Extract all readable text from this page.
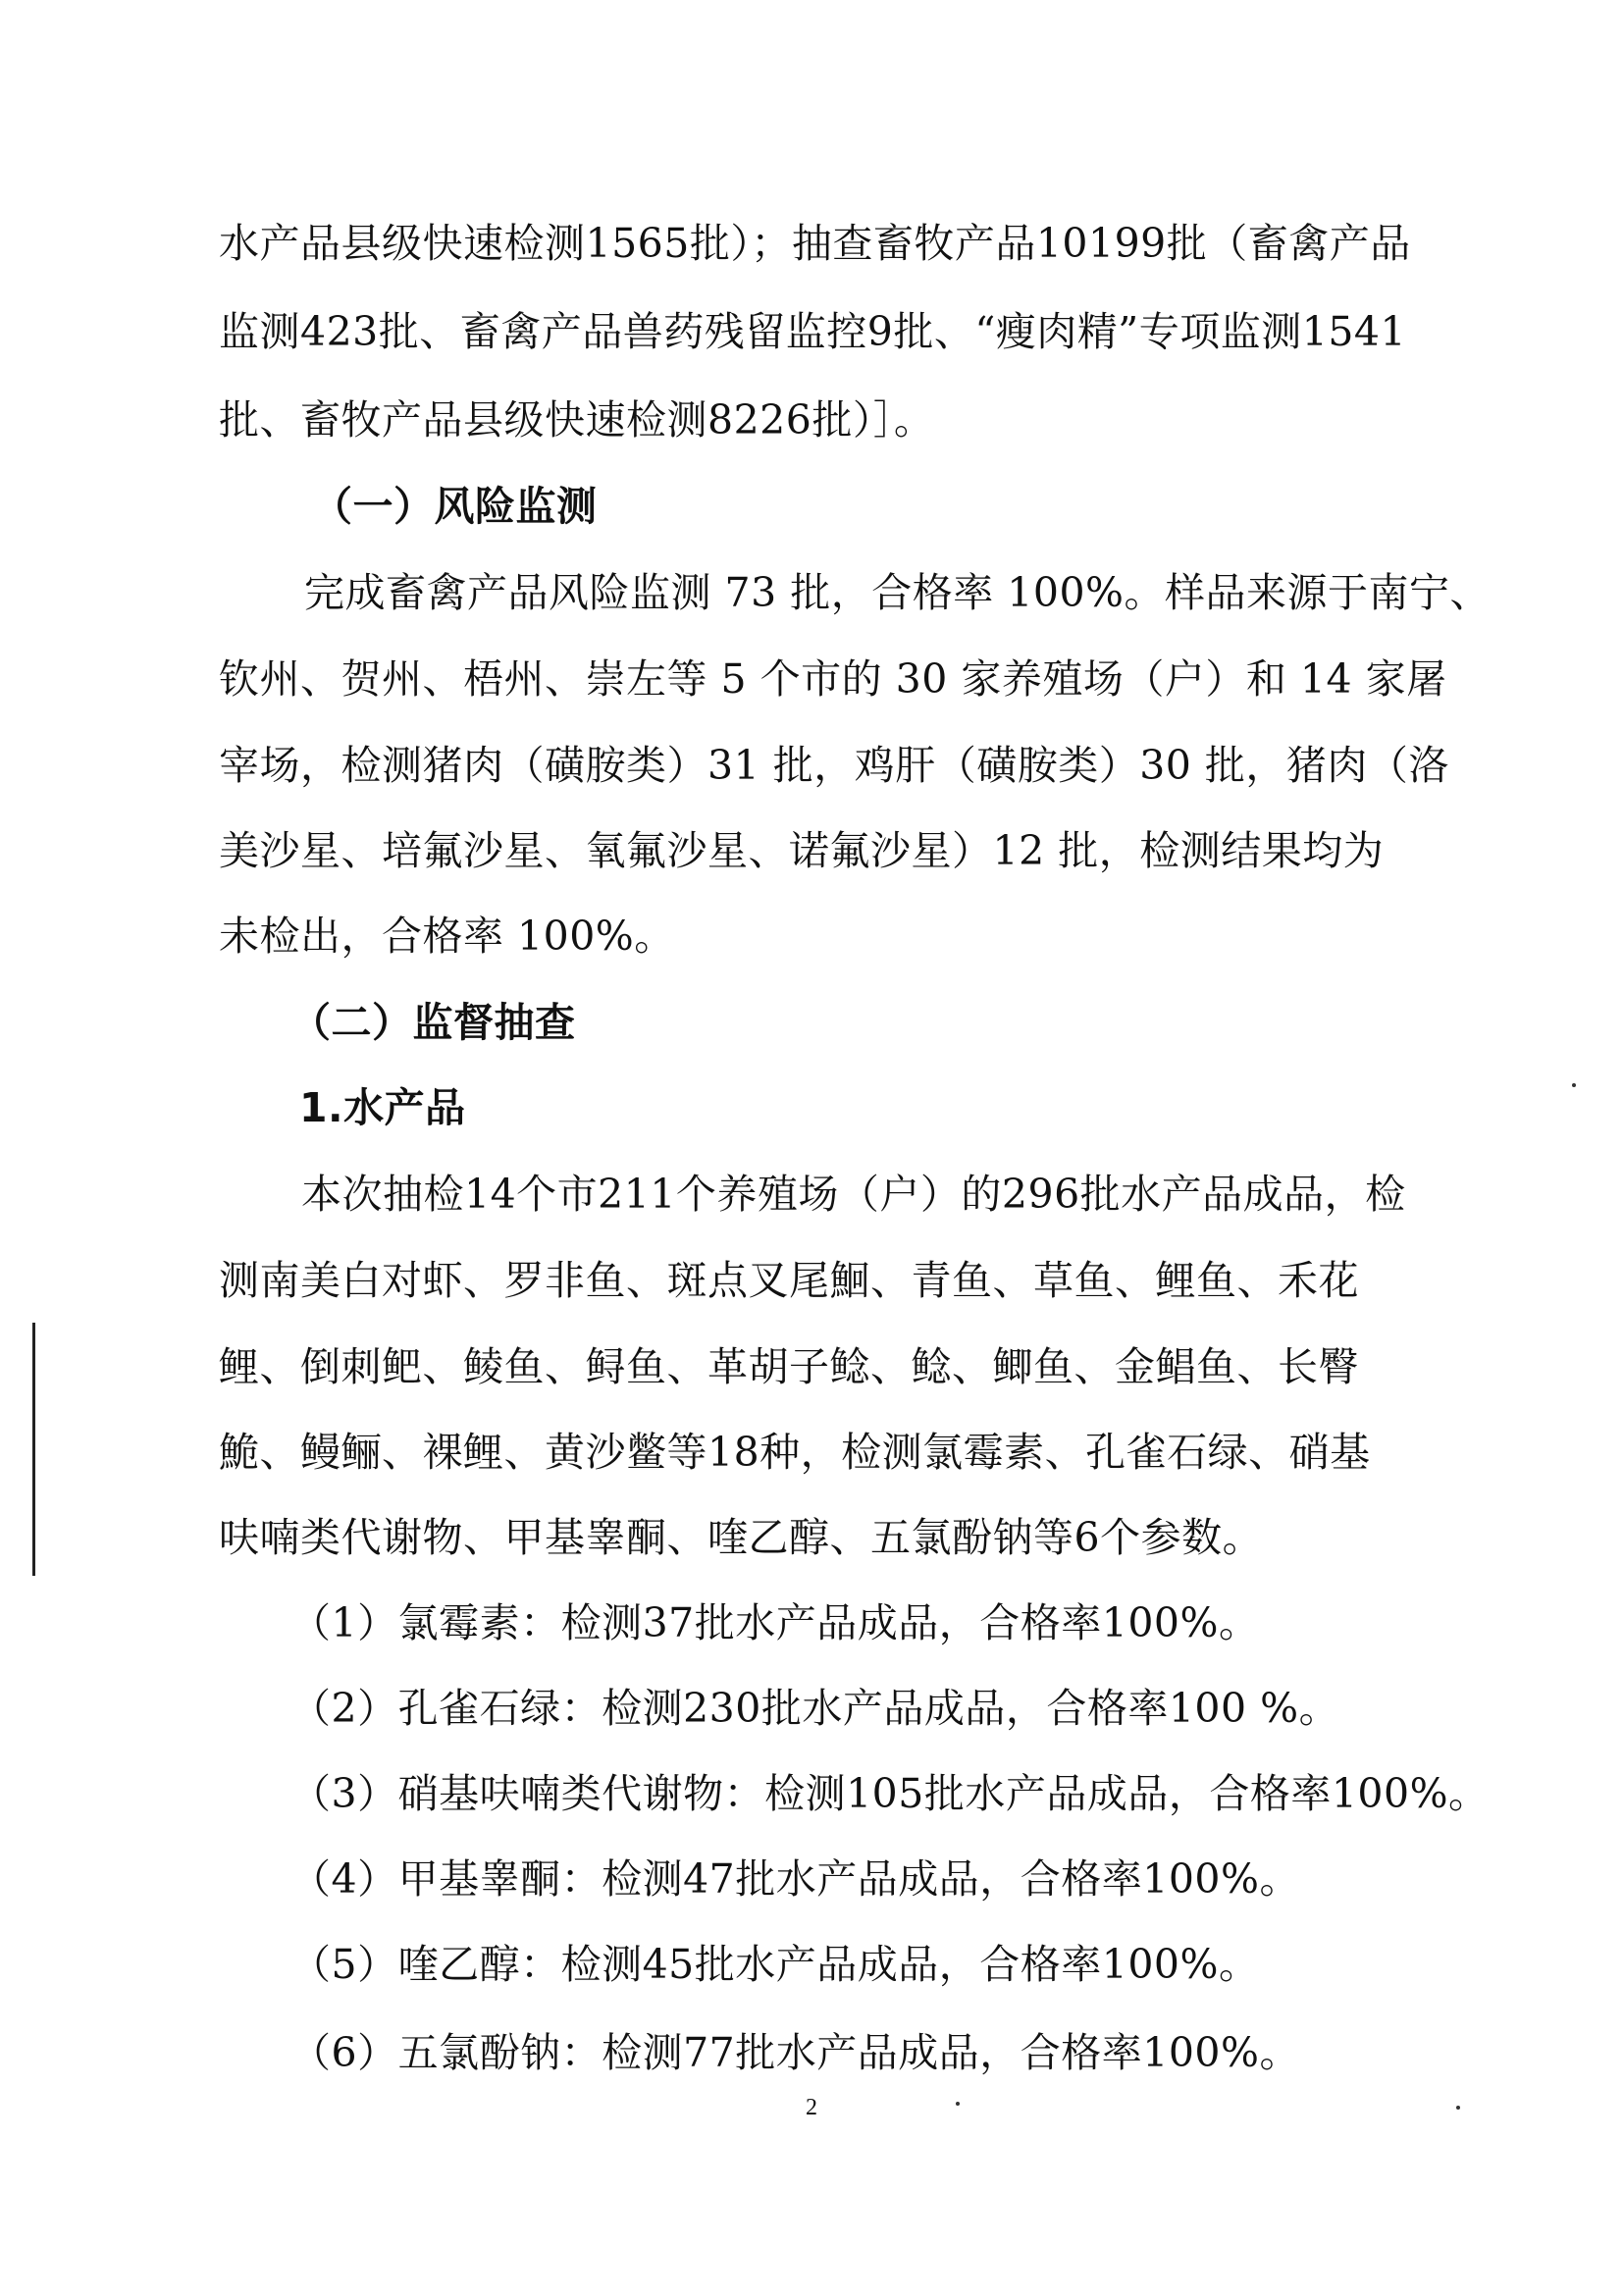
水产品县级快速检测1565批）；抽查畜牧产品10199批（畜禽产品
监测423批、畜禽产品兽药残留监控9批、“瘦肉精”专项监测1541
批、畜牧产品县级快速检测8226批）］。
（一）风险监测
完成畜禽产品风险监测 73 批，合格率 100%。样品来源于南宁、
钦州、贺州、梧州、崇左等 5 个市的 30 家养殖场（户）和 14 家屠
宰场，检测猪肉（磺胺类）31 批，鸡肝（磺胺类）30 批，猪肉（洛
美沙星、培氟沙星、氧氟沙星、诺氟沙星）12 批，检测结果均为
未检出，合格率 100%。
（二）监督抽查
1.水产品
本次抽检14个市211个养殖场（户）的296批水产品成品，检
测南美白对虾、罗非鱼、斑点叉尾鮰、青鱼、草鱼、鲤鱼、禾花
鲤、倒刺鲃、鲮鱼、鲟鱼、革胡子鲶、鲶、鲫鱼、金鲳鱼、长臀
鮠、鳗鲡、裸鲤、黄沙鳖等18种，检测氯霉素、孔雀石绿、硝基
呋喃类代谢物、甲基睾酮、喹乙醇、五氯酚钠等6个参数。
（1）氯霉素：检测37批水产品成品，合格率100%。
（2）孔雀石绿：检测230批水产品成品，合格率100 %。
（3）硝基呋喃类代谢物：检测105批水产品成品，合格率100%。
（4）甲基睾酮：检测47批水产品成品，合格率100%。
（5）喹乙醇：检测45批水产品成品，合格率100%。
（6）五氯酚钠：检测77批水产品成品，合格率100%。
2
